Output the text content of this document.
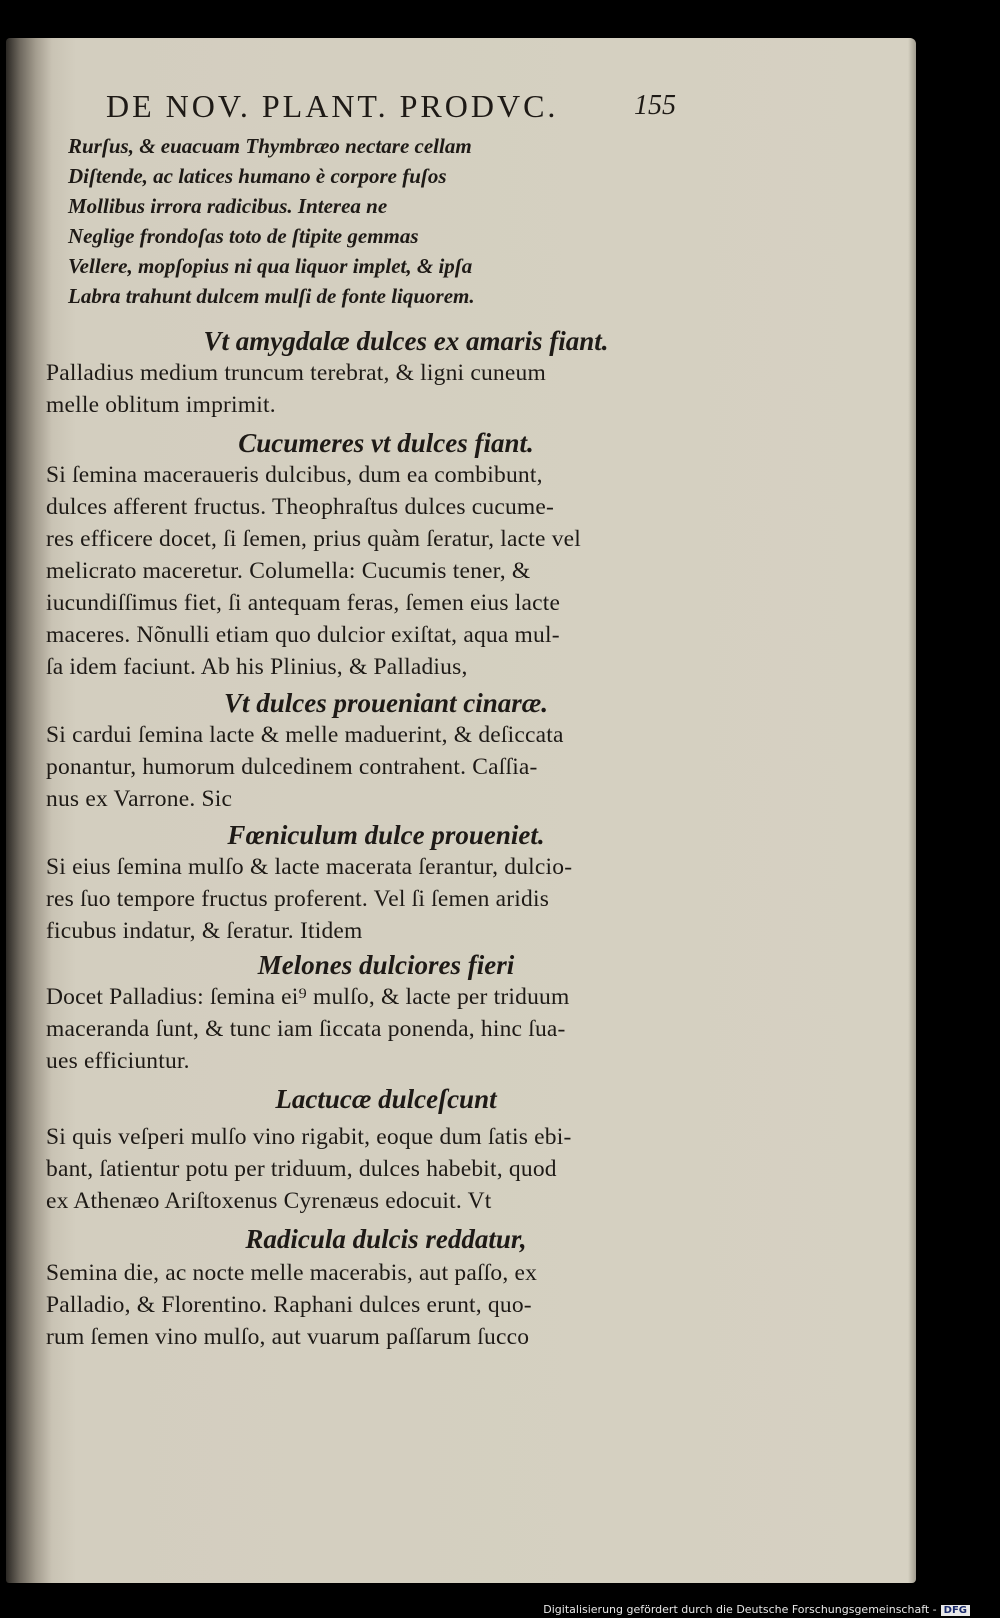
DE NOV. PLANT. PRODVC.	155
Rurſus, & euacuam Thymbræo nectare cellam
Diſtende, ac latices humano è corpore fuſos
Mollibus irrora radicibus. Interea ne
Neglige frondoſas toto de ſtipite gemmas
Vellere, mopſopius ni qua liquor implet, & ipſa
Labra trahunt dulcem mulſi de fonte liquorem.
Vt amygdalæ dulces ex amaris fiant.
Palladius medium truncum terebrat, & ligni cuneum
melle oblitum imprimit.
Cucumeres vt dulces fiant.
Si ſemina maceraueris dulcibus, dum ea combibunt,
dulces afferent fructus. Theophraſtus dulces cucume-
res efficere docet, ſi ſemen, prius quàm ſeratur, lacte vel
melicrato maceretur. Columella: Cucumis tener, &
iucundiſſimus fiet, ſi antequam feras, ſemen eius lacte
maceres. Nõnulli etiam quo dulcior exiſtat, aqua mul-
ſa idem faciunt. Ab his Plinius, & Palladius,
Vt dulces proueniant cinaræ.
Si cardui ſemina lacte & melle maduerint, & deſiccata
ponantur, humorum dulcedinem contrahent. Caſſia-
nus ex Varrone. Sic
Fœniculum dulce proueniet.
Si eius ſemina mulſo & lacte macerata ſerantur, dulcio-
res ſuo tempore fructus proferent. Vel ſi ſemen aridis
ficubus indatur, & ſeratur. Itidem
Melones dulciores fieri
Docet Palladius: ſemina ei⁹ mulſo, & lacte per triduum
maceranda ſunt, & tunc iam ſiccata ponenda, hinc ſua-
ues efficiuntur.
Lactucæ dulceſcunt
Si quis veſperi mulſo vino rigabit, eoque dum ſatis ebi-
bant, ſatientur potu per triduum, dulces habebit, quod
ex Athenæo Ariſtoxenus Cyrenæus edocuit. Vt
Radicula dulcis reddatur,
Semina die, ac nocte melle macerabis, aut paſſo, ex
Palladio, & Florentino. Raphani dulces erunt, quo-
rum ſemen vino mulſo, aut vuarum paſſarum ſucco
Digitalisierung gefördert durch die Deutsche Forschungsgemeinschaft - DFG
